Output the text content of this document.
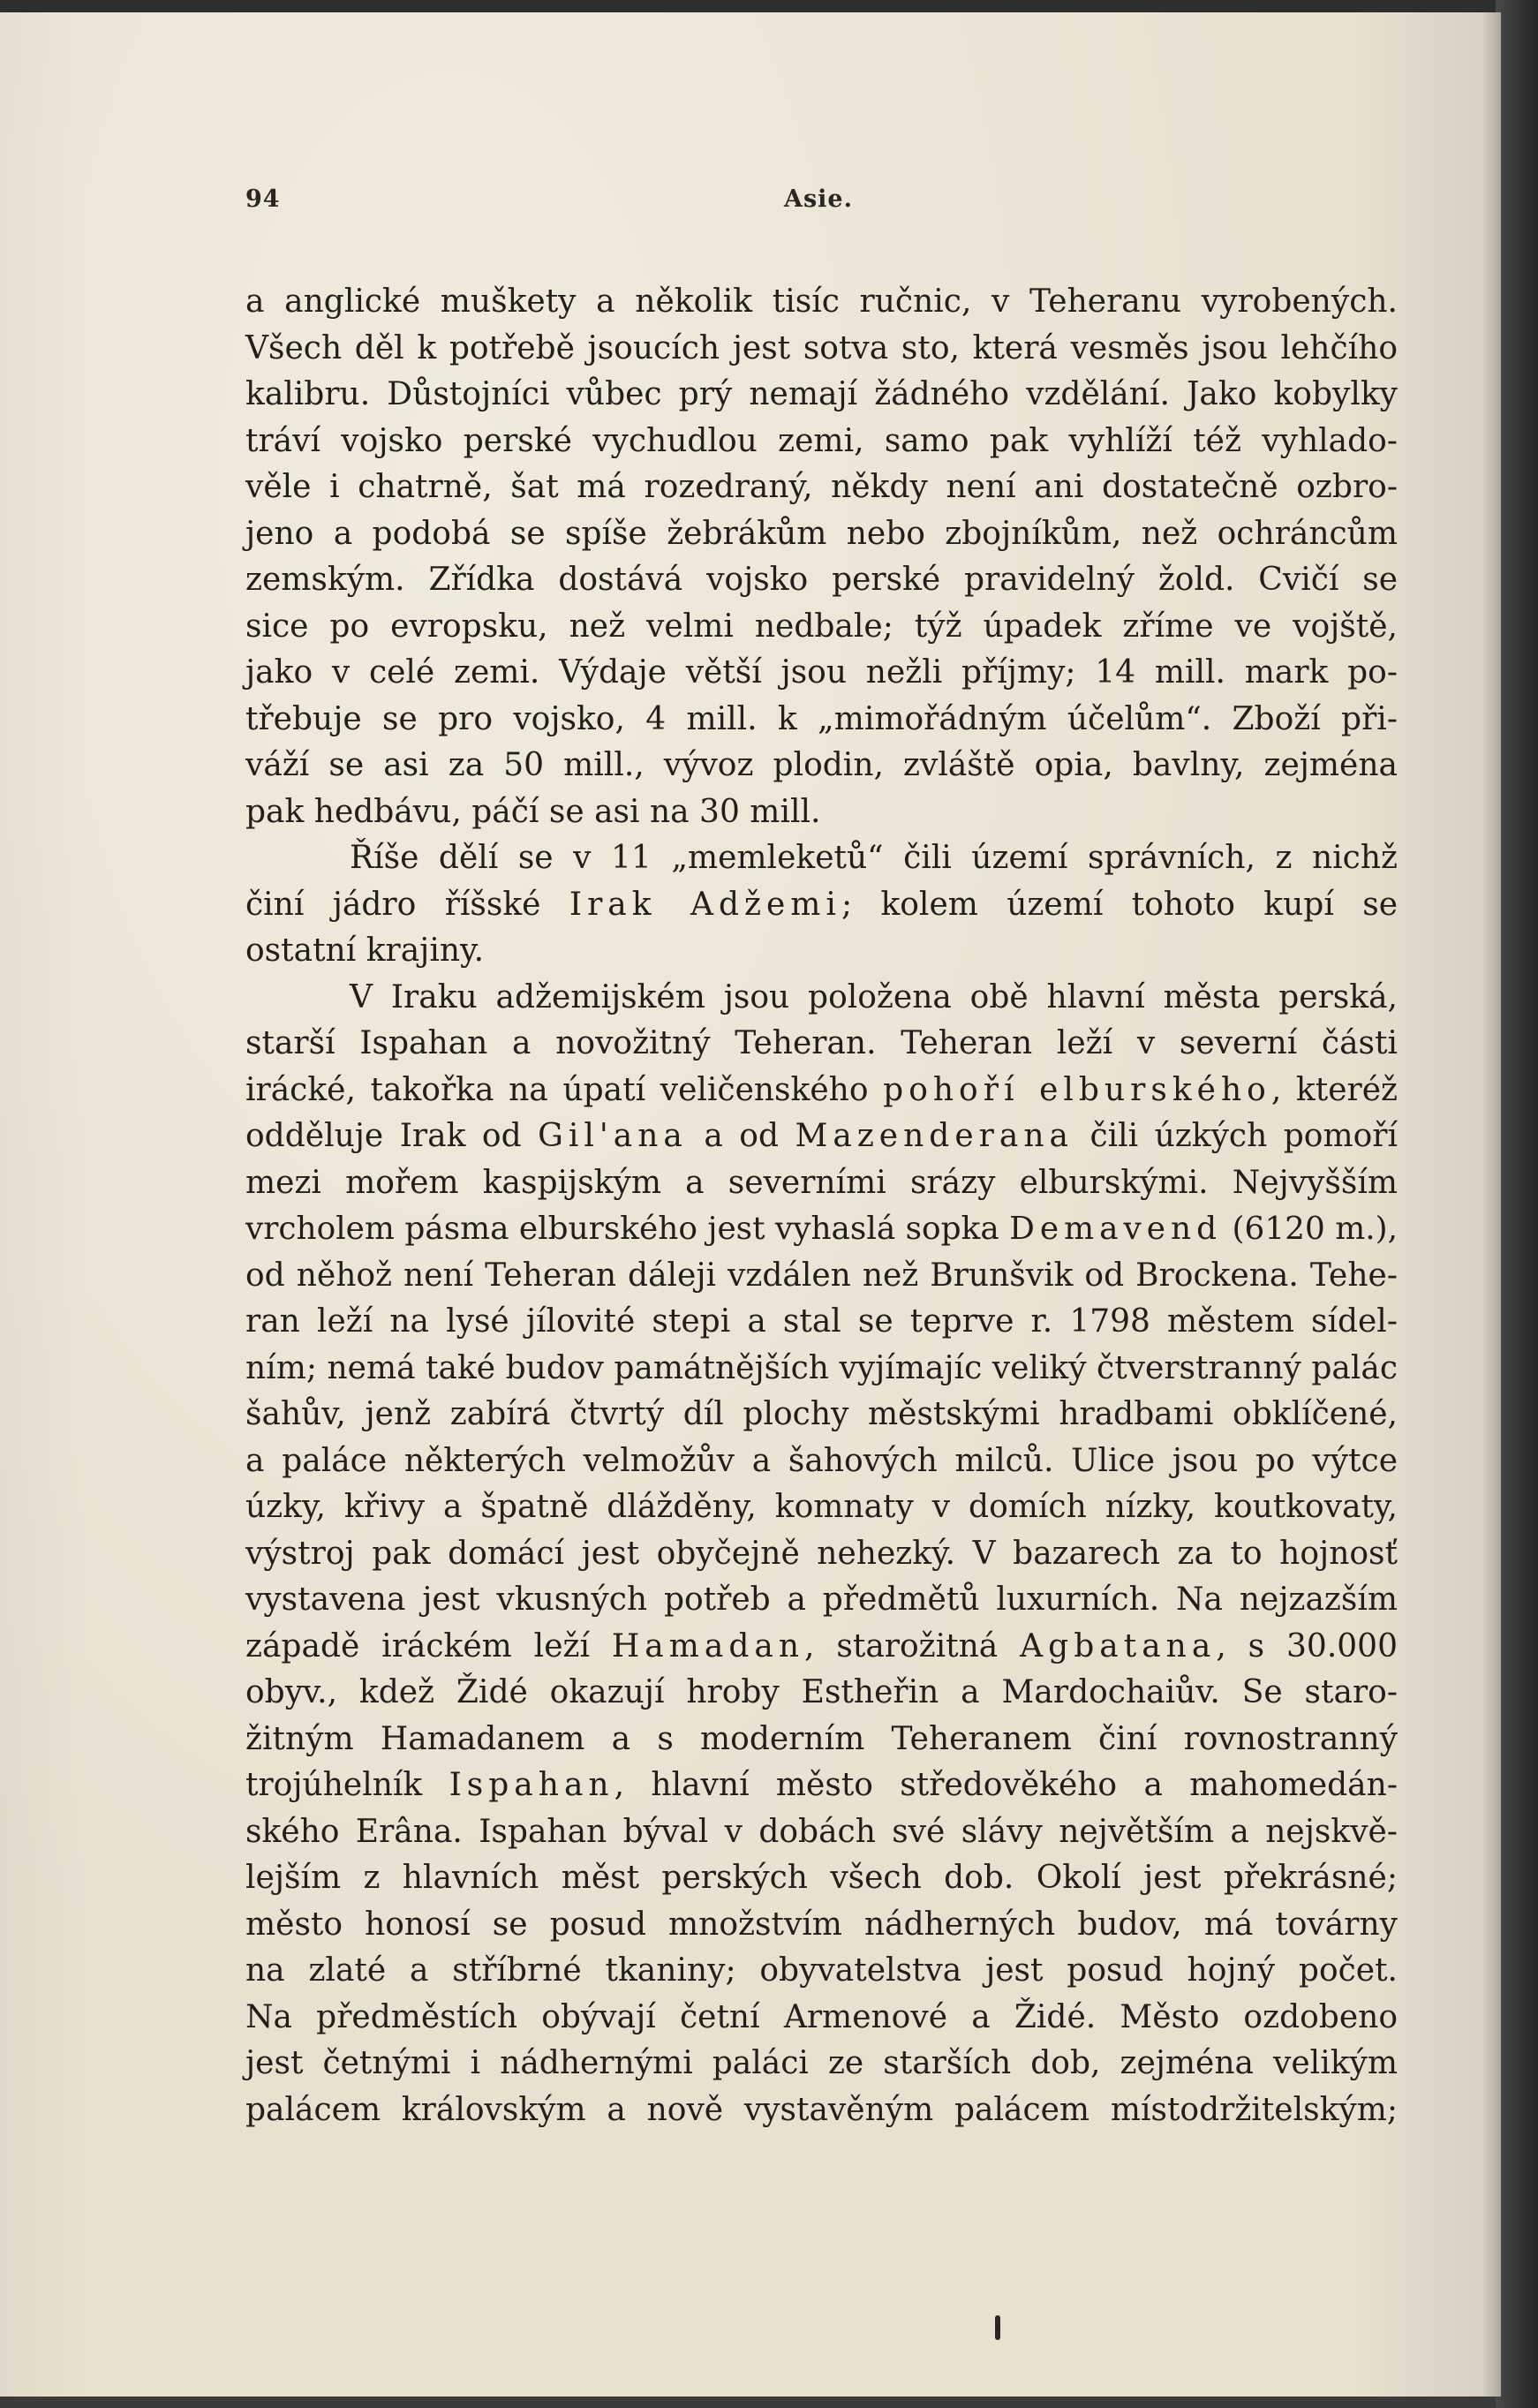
94	Asie.
a anglické muškety a několik tisíc ručnic, v Teheranu vyrobených.
Všech děl k potřebě jsoucích jest sotva sto, která vesměs jsou lehčího
kalibru. Důstojníci vůbec prý nemají žádného vzdělání. Jako kobylky
tráví vojsko perské vychudlou zemi, samo pak vyhlíží též vyhlado-
věle i chatrně, šat má rozedraný, někdy není ani dostatečně ozbro-
jeno a podobá se spíše žebrákům nebo zbojníkům, než ochráncům
zemským. Zřídka dostává vojsko perské pravidelný žold. Cvičí se
sice po evropsku, než velmi nedbale; týž úpadek zříme ve vojště,
jako v celé zemi. Výdaje větší jsou nežli příjmy; 14 mill. mark po-
třebuje se pro vojsko, 4 mill. k „mimořádným účelům“. Zboží při-
váží se asi za 50 mill., vývoz plodin, zvláště opia, bavlny, zejména
pak hedbávu, páčí se asi na 30 mill.
Říše dělí se v 11 „memleketů“ čili území správních, z nichž
činí jádro říšské Irak Adžemi; kolem území tohoto kupí se
ostatní krajiny.
V Iraku adžemijském jsou položena obě hlavní města perská,
starší Ispahan a novožitný Teheran. Teheran leží v severní části
irácké, takořka na úpatí veličenského pohoří elburského, kteréž
odděluje Irak od Gil'ana a od Mazenderana čili úzkých pomoří
mezi mořem kaspijským a severními srázy elburskými. Nejvyšším
vrcholem pásma elburského jest vyhaslá sopka Demavend (6120 m.),
od něhož není Teheran dáleji vzdálen než Brunšvik od Brockena. Tehe-
ran leží na lysé jílovité stepi a stal se teprve r. 1798 městem sídel-
ním; nemá také budov památnějších vyjímajíc veliký čtverstranný palác
šahův, jenž zabírá čtvrtý díl plochy městskými hradbami obklíčené,
a paláce některých velmožův a šahových milců. Ulice jsou po výtce
úzky, křivy a špatně dlážděny, komnaty v domích nízky, koutkovaty,
výstroj pak domácí jest obyčejně nehezký. V bazarech za to hojnosť
vystavena jest vkusných potřeb a předmětů luxurních. Na nejzazším
západě iráckém leží Hamadan, starožitná Agbatana, s 30.000
obyv., kdež Židé okazují hroby Estheřin a Mardochaiův. Se staro-
žitným Hamadanem a s moderním Teheranem činí rovnostranný
trojúhelník Ispahan, hlavní město středověkého a mahomedán-
ského Erâna. Ispahan býval v dobách své slávy největším a nejskvě-
lejším z hlavních měst perských všech dob. Okolí jest překrásné;
město honosí se posud množstvím nádherných budov, má továrny
na zlaté a stříbrné tkaniny; obyvatelstva jest posud hojný počet.
Na předměstích obývají četní Armenové a Židé. Město ozdobeno
jest četnými i nádhernými paláci ze starších dob, zejména velikým
palácem královským a nově vystavěným palácem místodržitelským;
